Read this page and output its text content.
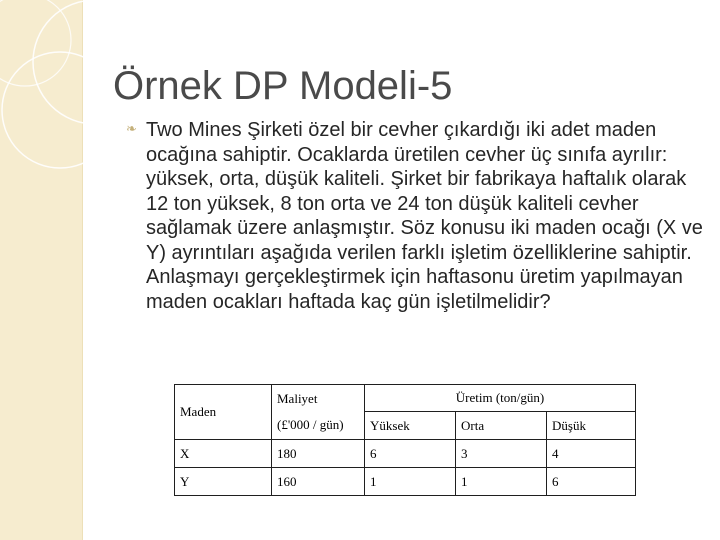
Örnek DP Modeli-5
❧ Two Mines Şirketi özel bir cevher çıkardığı iki adet maden ocağına sahiptir. Ocaklarda üretilen cevher üç sınıfa ayrılır: yüksek, orta, düşük kaliteli. Şirket bir fabrikaya haftalık olarak 12 ton yüksek, 8 ton orta ve 24 ton düşük kaliteli cevher sağlamak üzere anlaşmıştır. Söz konusu iki maden ocağı (X ve Y) ayrıntıları aşağıda verilen farklı işletim özelliklerine sahiptir. Anlaşmayı gerçekleştirmek için haftasonu üretim yapılmayan maden ocakları haftada kaç gün işletilmelidir?

Maden	Maliyet	Üretim (ton/gün)		
	(£'000 / gün)	Yüksek	Orta	Düşük
X	180	6	3	4
Y	160	1	1	6
